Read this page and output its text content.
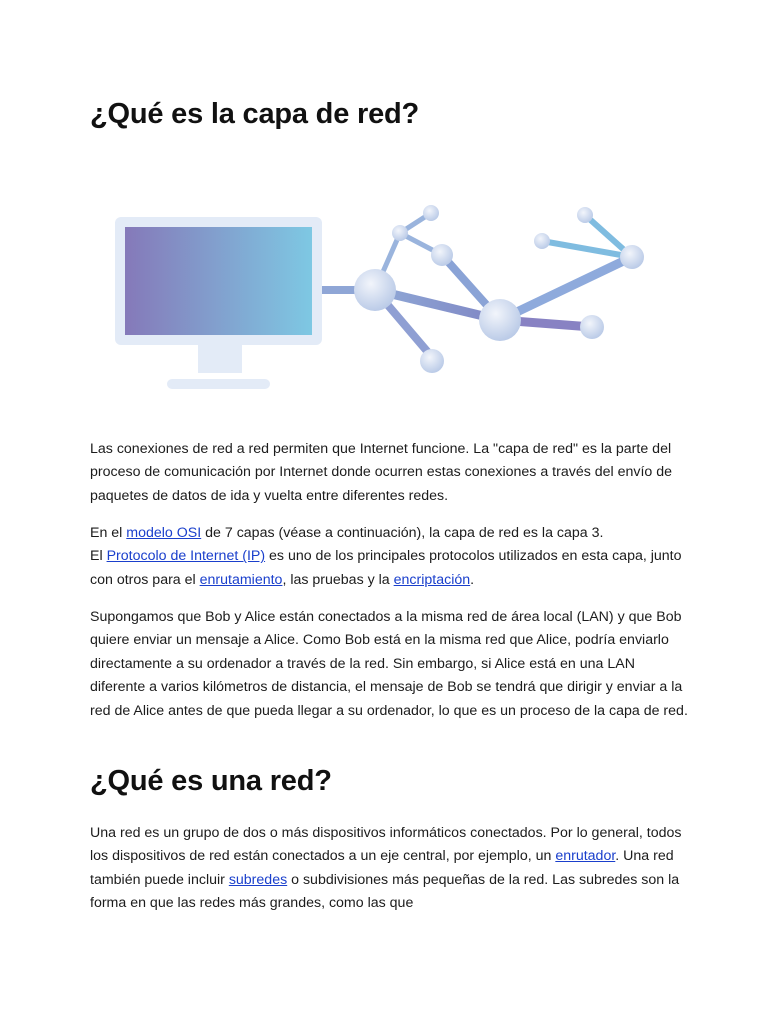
¿Qué es la capa de red?

Las conexiones de red a red permiten que Internet funcione. La "capa de red" es la parte del proceso de comunicación por Internet donde ocurren estas conexiones a través del envío de paquetes de datos de ida y vuelta entre diferentes redes.

En el modelo OSI de 7 capas (véase a continuación), la capa de red es la capa 3.
El Protocolo de Internet (IP) es uno de los principales protocolos utilizados en esta capa, junto con otros para el enrutamiento, las pruebas y la encriptación.

Supongamos que Bob y Alice están conectados a la misma red de área local (LAN) y que Bob quiere enviar un mensaje a Alice. Como Bob está en la misma red que Alice, podría enviarlo directamente a su ordenador a través de la red. Sin embargo, si Alice está en una LAN diferente a varios kilómetros de distancia, el mensaje de Bob se tendrá que dirigir y enviar a la red de Alice antes de que pueda llegar a su ordenador, lo que es un proceso de la capa de red.

¿Qué es una red?

Una red es un grupo de dos o más dispositivos informáticos conectados. Por lo general, todos los dispositivos de red están conectados a un eje central, por ejemplo, un enrutador. Una red también puede incluir subredes o subdivisiones más pequeñas de la red. Las subredes son la forma en que las redes más grandes, como las que
